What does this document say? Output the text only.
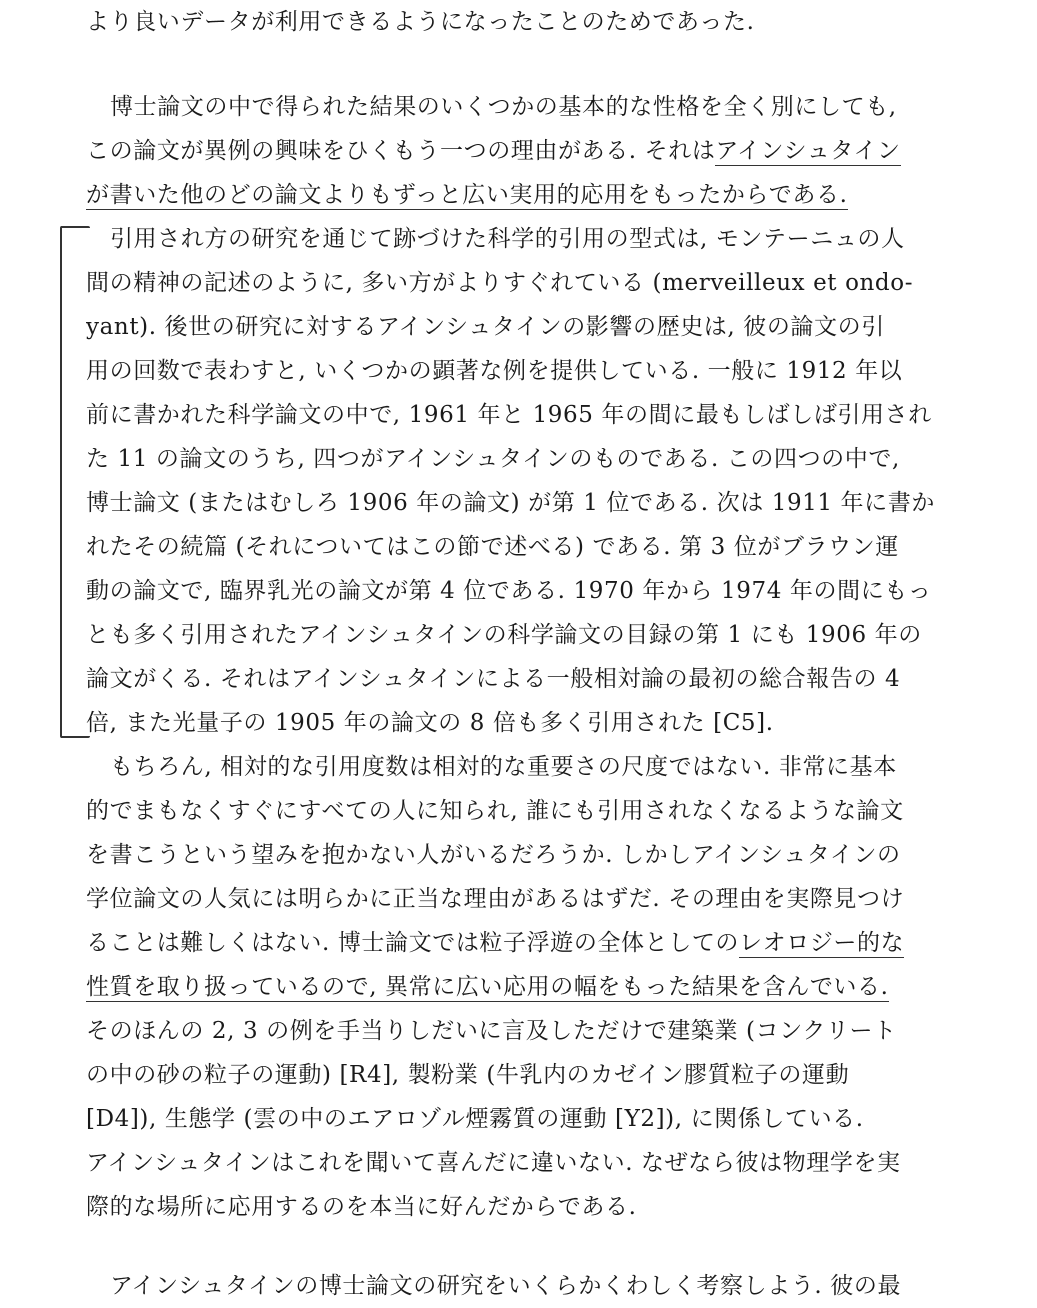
より良いデータが利用できるようになったことのためであった.
博士論文の中で得られた結果のいくつかの基本的な性格を全く別にしても,
この論文が異例の興味をひくもう一つの理由がある. それはアインシュタイン
が書いた他のどの論文よりもずっと広い実用的応用をもったからである.
引用され方の研究を通じて跡づけた科学的引用の型式は, モンテーニュの人
間の精神の記述のように, 多い方がよりすぐれている (merveilleux et ondo-
yant). 後世の研究に対するアインシュタインの影響の歴史は, 彼の論文の引
用の回数で表わすと, いくつかの顕著な例を提供している. 一般に 1912 年以
前に書かれた科学論文の中で, 1961 年と 1965 年の間に最もしばしば引用され
た 11 の論文のうち, 四つがアインシュタインのものである. この四つの中で,
博士論文 (またはむしろ 1906 年の論文) が第 1 位である. 次は 1911 年に書か
れたその続篇 (それについてはこの節で述べる) である. 第 3 位がブラウン運
動の論文で, 臨界乳光の論文が第 4 位である. 1970 年から 1974 年の間にもっ
とも多く引用されたアインシュタインの科学論文の目録の第 1 にも 1906 年の
論文がくる. それはアインシュタインによる一般相対論の最初の総合報告の 4
倍, また光量子の 1905 年の論文の 8 倍も多く引用された [C5].
もちろん, 相対的な引用度数は相対的な重要さの尺度ではない. 非常に基本
的でまもなくすぐにすべての人に知られ, 誰にも引用されなくなるような論文
を書こうという望みを抱かない人がいるだろうか. しかしアインシュタインの
学位論文の人気には明らかに正当な理由があるはずだ. その理由を実際見つけ
ることは難しくはない. 博士論文では粒子浮遊の全体としてのレオロジー的な
性質を取り扱っているので, 異常に広い応用の幅をもった結果を含んでいる.
そのほんの 2, 3 の例を手当りしだいに言及しただけで建築業 (コンクリート
の中の砂の粒子の運動) [R4], 製粉業 (牛乳内のカゼイン膠質粒子の運動
[D4]), 生態学 (雲の中のエアロゾル煙霧質の運動 [Y2]), に関係している.
アインシュタインはこれを聞いて喜んだに違いない. なぜなら彼は物理学を実
際的な場所に応用するのを本当に好んだからである.
アインシュタインの博士論文の研究をいくらかくわしく考察しよう. 彼の最
